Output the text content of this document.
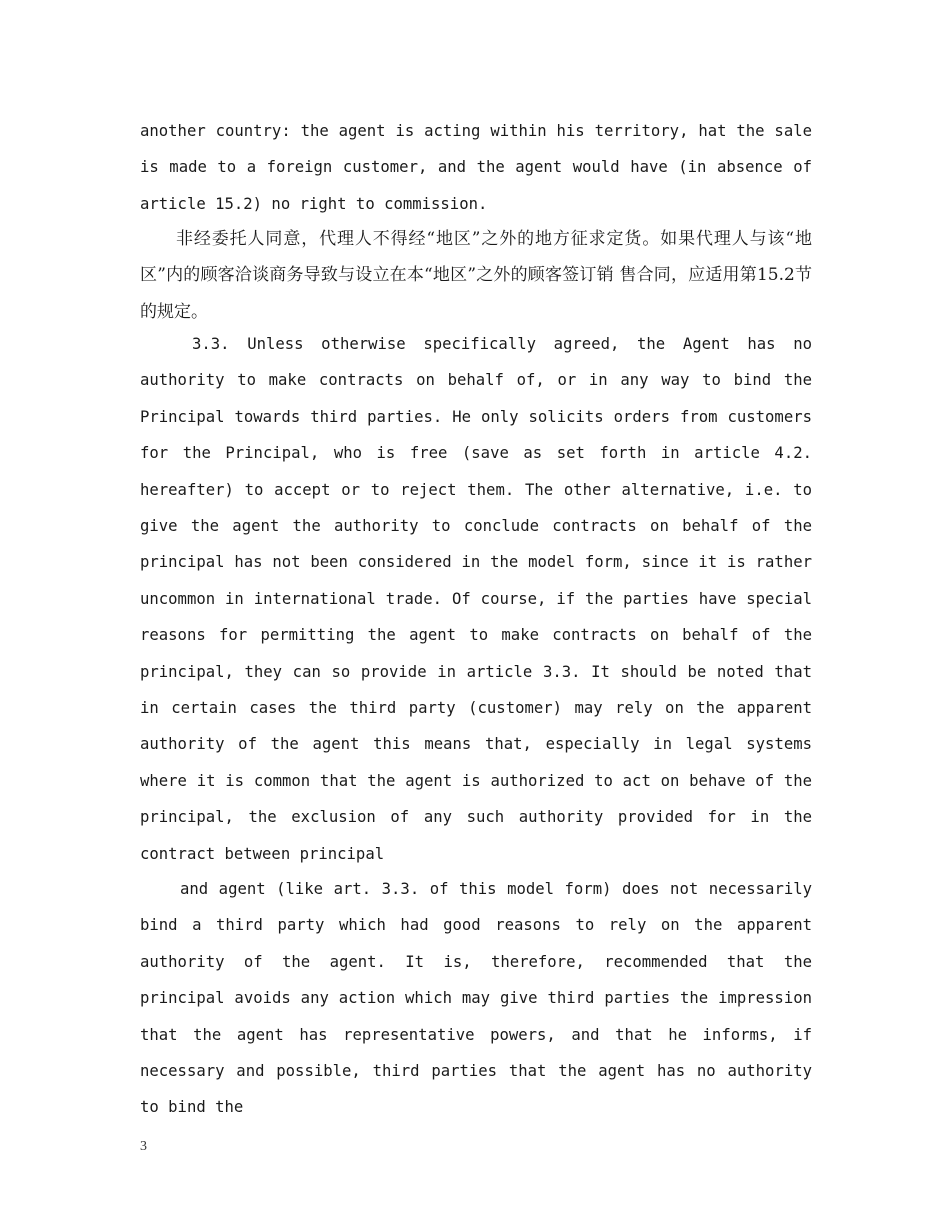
another country: the agent is acting within his territory, hat the sale is made to a foreign customer, and the agent would have (in absence of article 15.2) no right to commission.

非经委托人同意，代理人不得经“地区”之外的地方征求定货。如果代理人与该“地区”内的顾客洽谈商务导致与设立在本“地区”之外的顾客签订销 售合同，应适用第15.2节的规定。

3.3. Unless otherwise specifically agreed, the Agent has no authority to make contracts on behalf of, or in any way to bind the Principal towards third parties. He only solicits orders from customers for the Principal, who is free (save as set forth in article 4.2. hereafter) to accept or to reject them. The other alternative, i.e. to give the agent the authority to conclude contracts on behalf of the principal has not been considered in the model form, since it is rather uncommon in international trade. Of course, if the parties have special reasons for permitting the agent to make contracts on behalf of the principal, they can so provide in article 3.3. It should be noted that in certain cases the third party (customer) may rely on the apparent authority of the agent this means that, especially in legal systems where it is common that the agent is authorized to act on behave of the principal, the exclusion of any such authority provided for in the contract between principal

and agent (like art. 3.3. of this model form) does not necessarily bind a third party which had good reasons to rely on the apparent authority of the agent. It is, therefore, recommended that the principal avoids any action which may give third parties the impression that the agent has representative powers, and that he informs, if necessary and possible, third parties that the agent has no authority to bind the

3
